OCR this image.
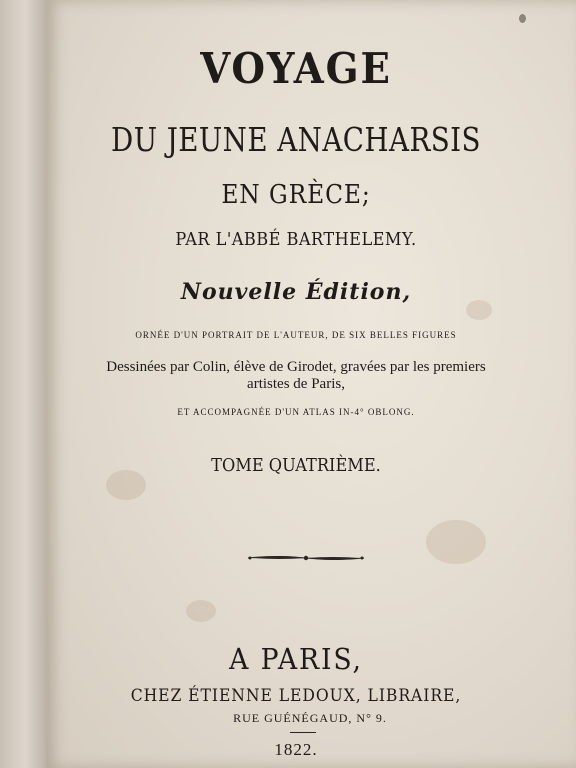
VOYAGE
DU JEUNE ANACHARSIS
EN GRÈCE;
PAR L'ABBÉ BARTHELEMY.
Nouvelle Édition,
ORNÉE D'UN PORTRAIT DE L'AUTEUR, DE SIX BELLES FIGURES
Dessinées par Colin, élève de Girodet, gravées par les premiers
artistes de Paris,
ET ACCOMPAGNÉE D'UN ATLAS IN-4° OBLONG.
TOME QUATRIÈME.
A PARIS,
CHEZ ÉTIENNE LEDOUX, LIBRAIRE,
RUE GUÉNÉGAUD, N° 9.
1822.
